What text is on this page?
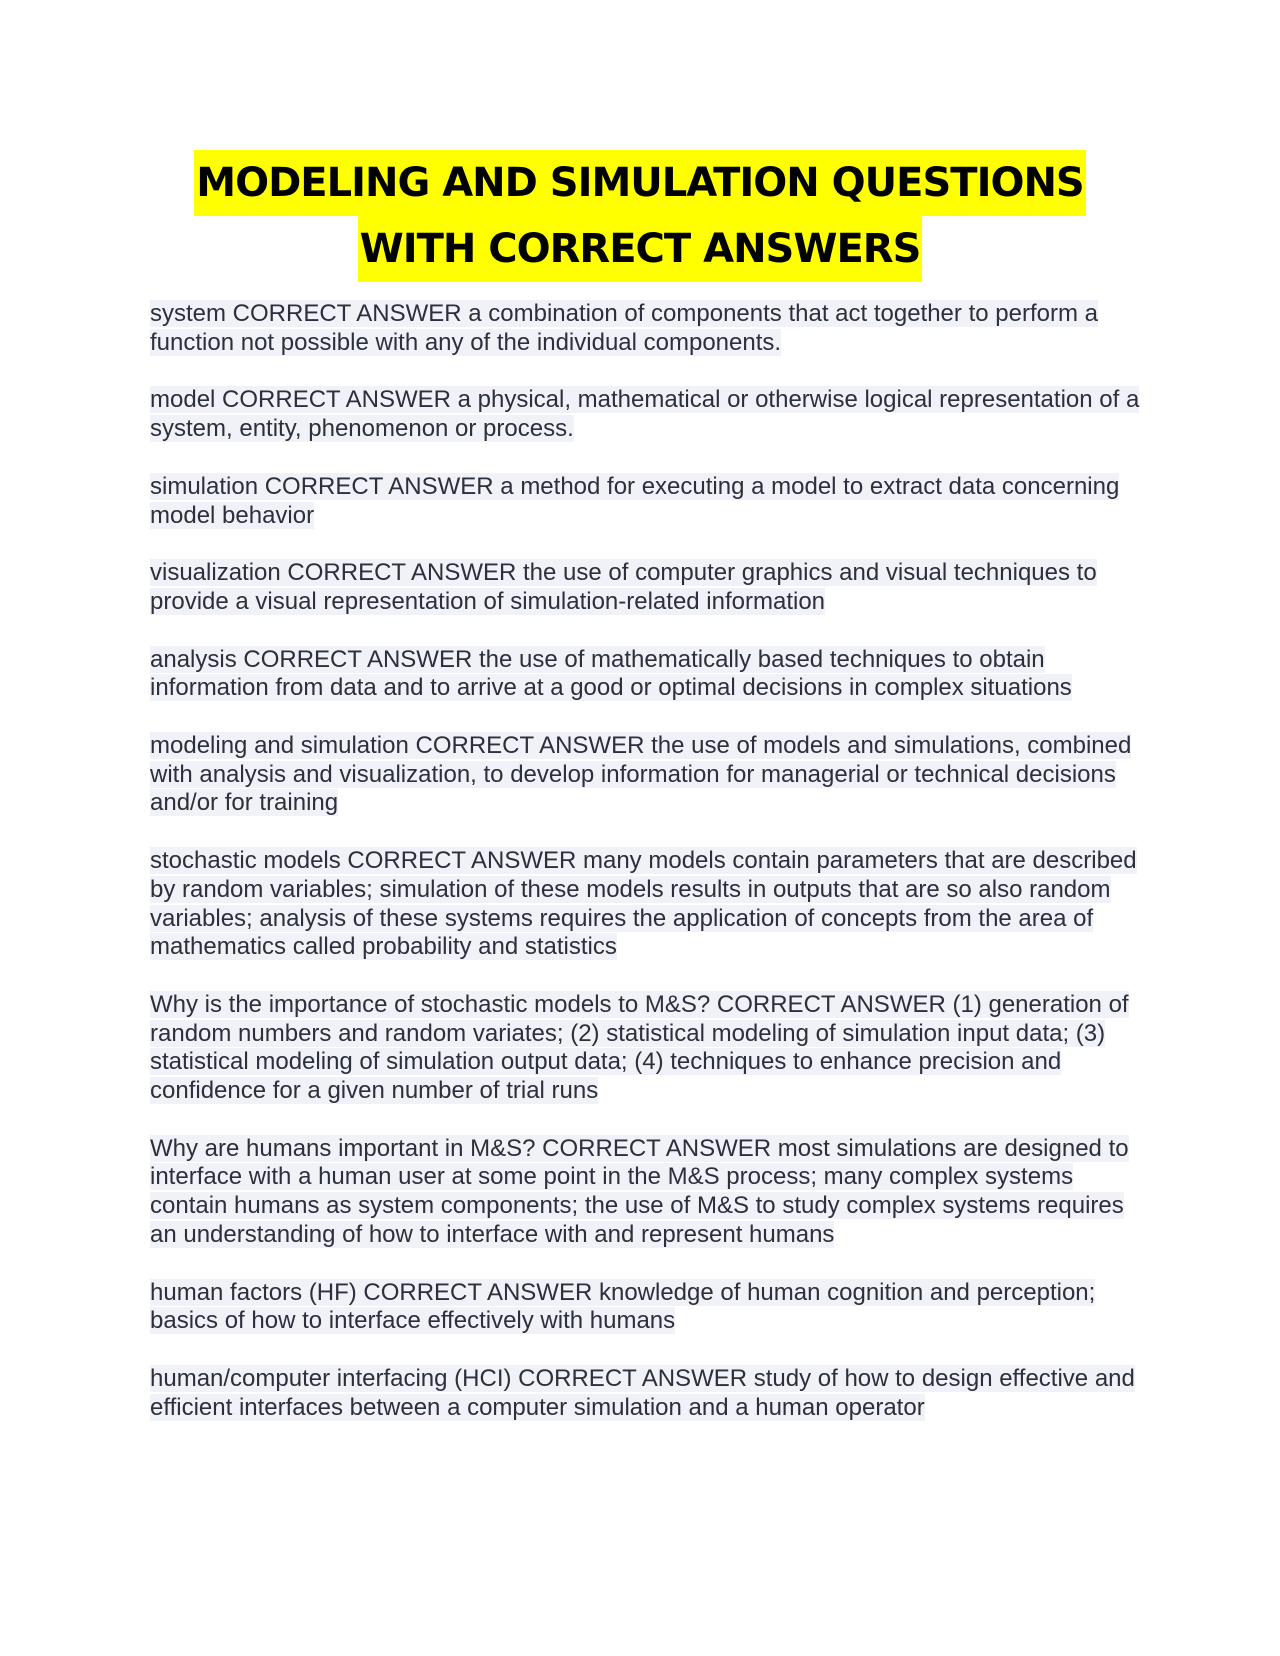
MODELING AND SIMULATION QUESTIONS
WITH CORRECT ANSWERS
system CORRECT ANSWER a combination of components that act together to perform a function not possible with any of the individual components.
model CORRECT ANSWER a physical, mathematical or otherwise logical representation of a system, entity, phenomenon or process.
simulation CORRECT ANSWER a method for executing a model to extract data concerning model behavior
visualization CORRECT ANSWER the use of computer graphics and visual techniques to provide a visual representation of simulation-related information
analysis CORRECT ANSWER the use of mathematically based techniques to obtain information from data and to arrive at a good or optimal decisions in complex situations
modeling and simulation CORRECT ANSWER the use of models and simulations, combined with analysis and visualization, to develop information for managerial or technical decisions and/or for training
stochastic models CORRECT ANSWER many models contain parameters that are described by random variables; simulation of these models results in outputs that are so also random variables; analysis of these systems requires the application of concepts from the area of mathematics called probability and statistics
Why is the importance of stochastic models to M&S? CORRECT ANSWER (1) generation of random numbers and random variates; (2) statistical modeling of simulation input data; (3) statistical modeling of simulation output data; (4) techniques to enhance precision and confidence for a given number of trial runs
Why are humans important in M&S? CORRECT ANSWER most simulations are designed to interface with a human user at some point in the M&S process; many complex systems contain humans as system components; the use of M&S to study complex systems requires an understanding of how to interface with and represent humans
human factors (HF) CORRECT ANSWER knowledge of human cognition and perception; basics of how to interface effectively with humans
human/computer interfacing (HCI) CORRECT ANSWER study of how to design effective and efficient interfaces between a computer simulation and a human operator
